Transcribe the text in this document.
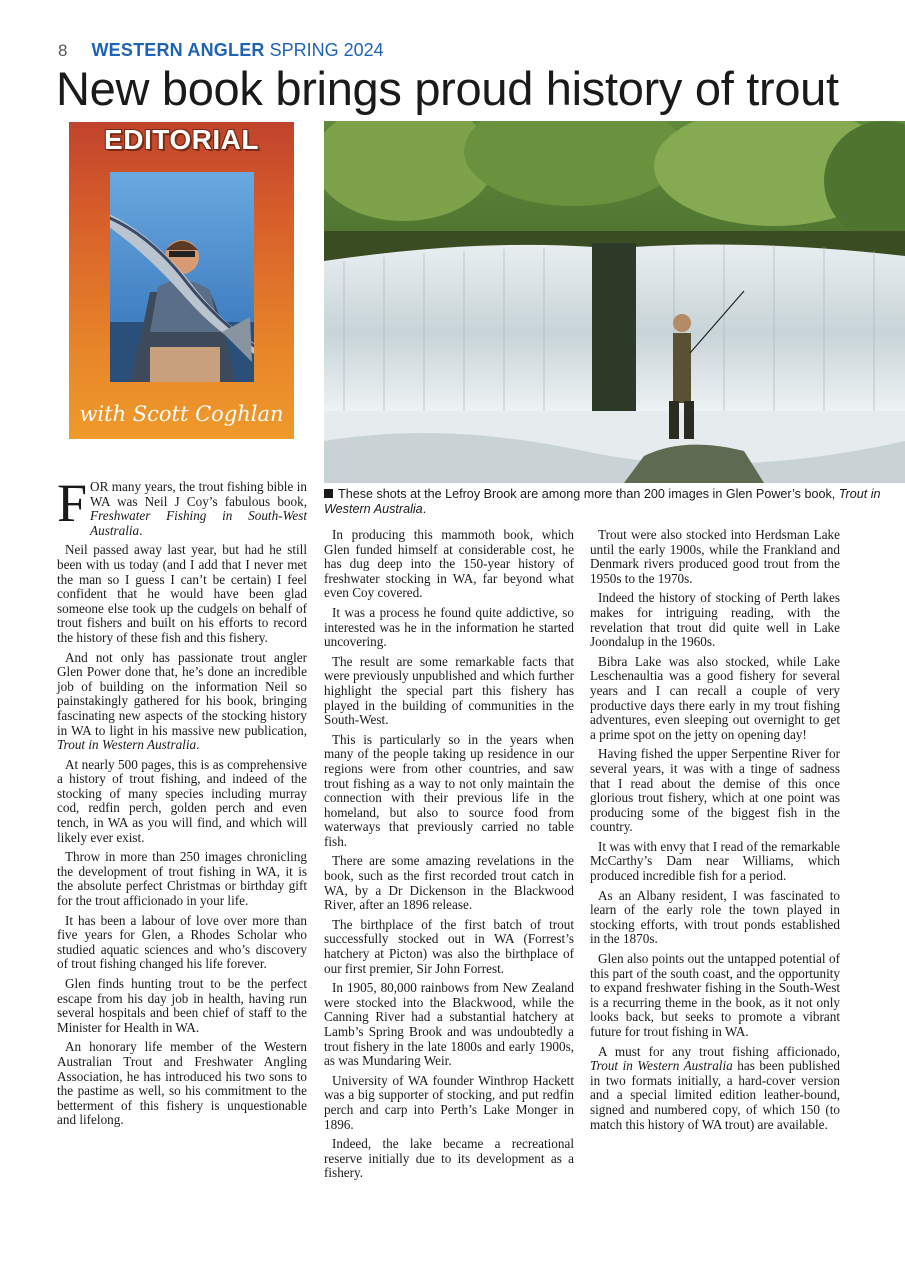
8 WESTERN ANGLER SPRING 2024
New book brings proud history of trout
EDITORIAL
with Scott Coghlan
These shots at the Lefroy Brook are among more than 200 images in Glen Power’s book, Trout in Western Australia.

FOR many years, the trout fishing bible in WA was Neil J Coy’s fabulous book, Freshwater Fishing in South-West Australia.

Neil passed away last year, but had he still been with us today (and I add that I never met the man so I guess I can’t be certain) I feel confident that he would have been glad someone else took up the cudgels on behalf of trout fishers and built on his efforts to record the history of these fish and this fishery.

And not only has passionate trout angler Glen Power done that, he’s done an incredible job of building on the information Neil so painstakingly gathered for his book, bringing fascinating new aspects of the stocking history in WA to light in his massive new publication, Trout in Western Australia.

At nearly 500 pages, this is as comprehensive a history of trout fishing, and indeed of the stocking of many species including murray cod, redfin perch, golden perch and even tench, in WA as you will find, and which will likely ever exist.

Throw in more than 250 images chronicling the development of trout fishing in WA, it is the absolute perfect Christmas or birthday gift for the trout afficionado in your life.

It has been a labour of love over more than five years for Glen, a Rhodes Scholar who studied aquatic sciences and who’s discovery of trout fishing changed his life forever.

Glen finds hunting trout to be the perfect escape from his day job in health, having run several hospitals and been chief of staff to the Minister for Health in WA.

An honorary life member of the Western Australian Trout and Freshwater Angling Association, he has introduced his two sons to the pastime as well, so his commitment to the betterment of this fishery is unquestionable and lifelong.

In producing this mammoth book, which Glen funded himself at considerable cost, he has dug deep into the 150-year history of freshwater stocking in WA, far beyond what even Coy covered.

It was a process he found quite addictive, so interested was he in the information he started uncovering.

The result are some remarkable facts that were previously unpublished and which further highlight the special part this fishery has played in the building of communities in the South-West.

This is particularly so in the years when many of the people taking up residence in our regions were from other countries, and saw trout fishing as a way to not only maintain the connection with their previous life in the homeland, but also to source food from waterways that previously carried no table fish.

There are some amazing revelations in the book, such as the first recorded trout catch in WA, by a Dr Dickenson in the Blackwood River, after an 1896 release.

The birthplace of the first batch of trout successfully stocked out in WA (Forrest’s hatchery at Picton) was also the birthplace of our first premier, Sir John Forrest.

In 1905, 80,000 rainbows from New Zealand were stocked into the Blackwood, while the Canning River had a substantial hatchery at Lamb’s Spring Brook and was undoubtedly a trout fishery in the late 1800s and early 1900s, as was Mundaring Weir.

University of WA founder Winthrop Hackett was a big supporter of stocking, and put redfin perch and carp into Perth’s Lake Monger in 1896.

Indeed, the lake became a recreational reserve initially due to its development as a fishery.

Trout were also stocked into Herdsman Lake until the early 1900s, while the Frankland and Denmark rivers produced good trout from the 1950s to the 1970s.

Indeed the history of stocking of Perth lakes makes for intriguing reading, with the revelation that trout did quite well in Lake Joondalup in the 1960s.

Bibra Lake was also stocked, while Lake Leschenaultia was a good fishery for several years and I can recall a couple of very productive days there early in my trout fishing adventures, even sleeping out overnight to get a prime spot on the jetty on opening day!

Having fished the upper Serpentine River for several years, it was with a tinge of sadness that I read about the demise of this once glorious trout fishery, which at one point was producing some of the biggest fish in the country.

It was with envy that I read of the remarkable McCarthy’s Dam near Williams, which produced incredible fish for a period.

As an Albany resident, I was fascinated to learn of the early role the town played in stocking efforts, with trout ponds established in the 1870s.

Glen also points out the untapped potential of this part of the south coast, and the opportunity to expand freshwater fishing in the South-West is a recurring theme in the book, as it not only looks back, but seeks to promote a vibrant future for trout fishing in WA.

A must for any trout fishing afficionado, Trout in Western Australia has been published in two formats initially, a hard-cover version and a special limited edition leather-bound, signed and numbered copy, of which 150 (to match this history of WA trout) are available.
